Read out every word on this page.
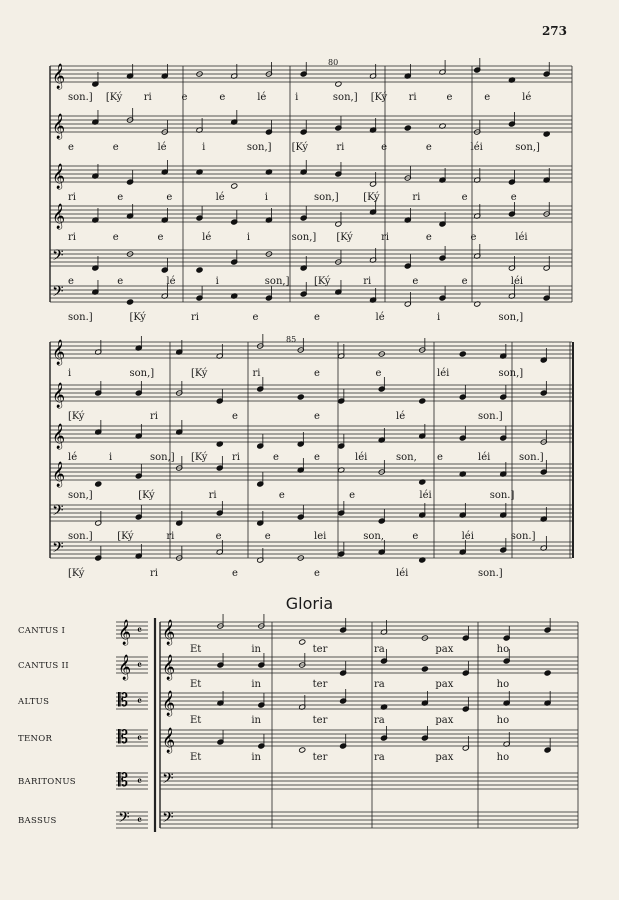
273
80
85
Gloria
CANTUS I
CANTUS II
ALTUS
TENOR
BARITONUS
BASSUS
𝄞
𝄞
𝄞
𝄞
𝄢
𝄢
𝄞
𝄞
𝄞
𝄞
𝄢
𝄢
𝄞 𝄴 𝄞
𝄞 𝄴 𝄞
𝄡 𝄴 𝄞
𝄡 𝄴 𝄞
𝄡 𝄴 𝄢
𝄢 𝄴 𝄢
son.] [Ký ri	e	e	lé	i	son,] [Ký ri	e	e	lé
e	e	lé	i	son,] [Ký	ri	e	e	léi	son,]
ri	e	e	lé	i	son,] [Ký	ri	e	e
ri	e	e	lé	i	son,] [Ký	ri	e	e	léi
e	e	lé	i	son,] [Ký	ri	e	e	léi
son.]	[Ký	ri	e	e	lé	i	son,]
i	son,]	[Ký	ri	e	e	léi	son,]
[Ký	ri	e	e	lé	son.]
lé	i	son,] [Ký ri	e	e	léi	son, e	léi	son.]
son,]	[Ký	ri	e	e	léi	son.]
son.] [Ký	ri	e	e	lei	son,	e	léi	son.]
[Ký	ri	e	e	léi	son.]
Et	in	ter	ra	pax	ho
Et	in	ter	ra	pax	ho
Et	in	ter	ra	pax	ho
Et	in	ter	ra	pax	ho
